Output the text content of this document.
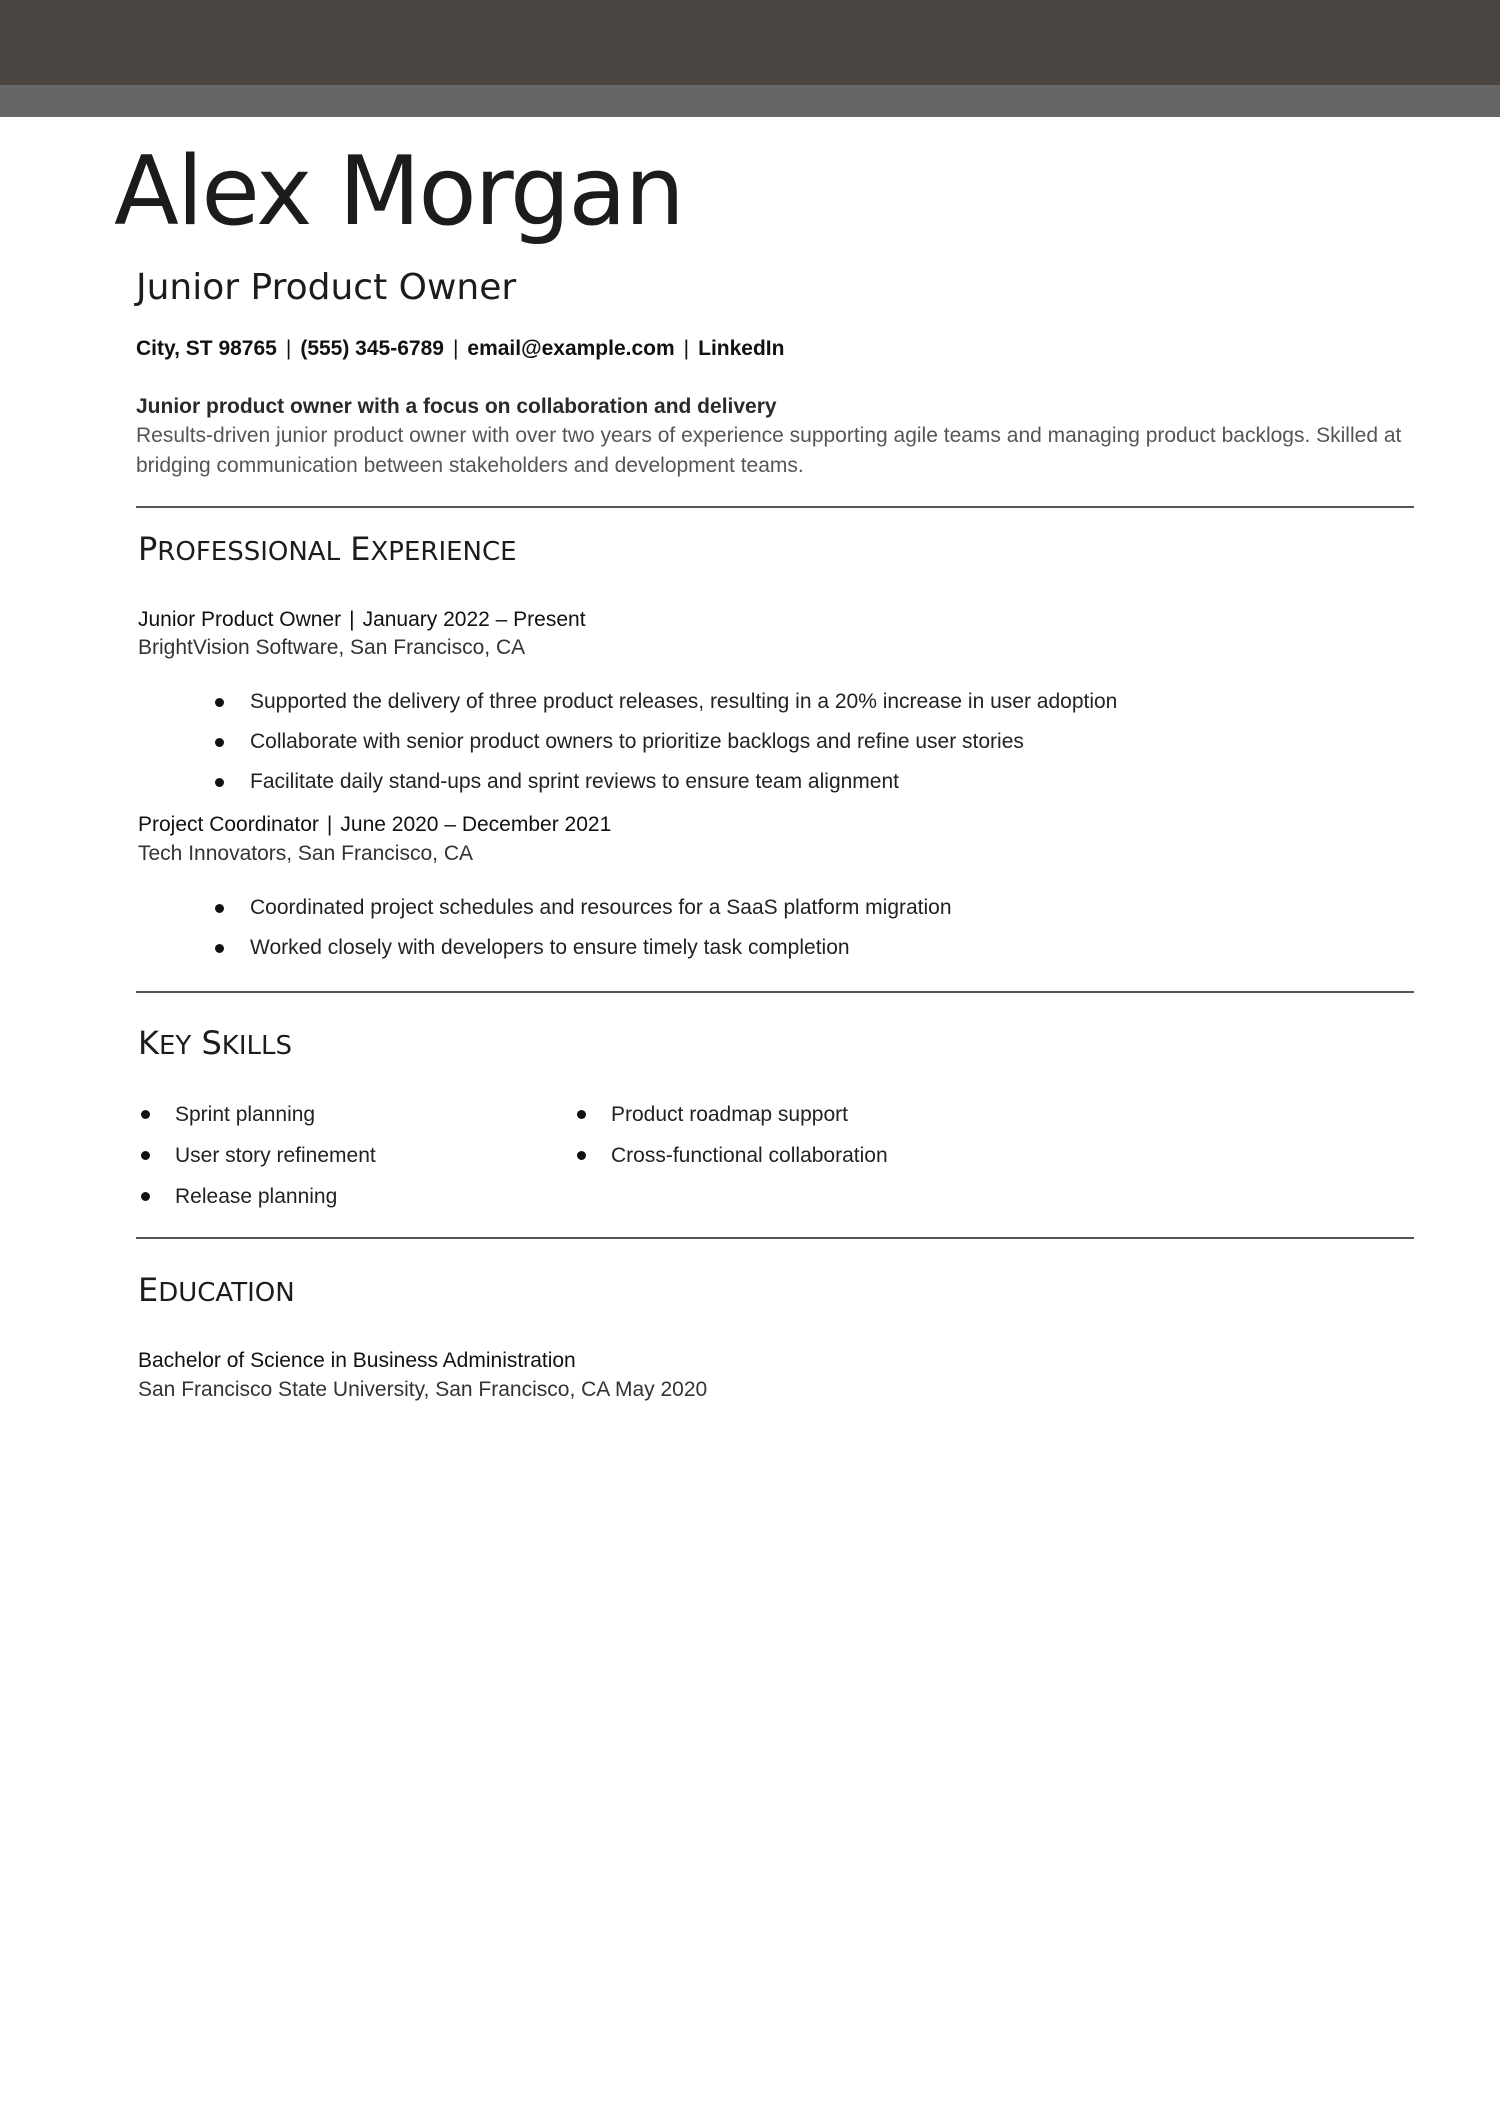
Alex Morgan
Junior Product Owner
City, ST 98765 | (555) 345-6789 | email@example.com | LinkedIn
Junior product owner with a focus on collaboration and delivery
Results-driven junior product owner with over two years of experience supporting agile teams and managing product backlogs. Skilled at bridging communication between stakeholders and development teams.
PROFESSIONAL EXPERIENCE
Junior Product Owner | January 2022 – Present
BrightVision Software, San Francisco, CA
Supported the delivery of three product releases, resulting in a 20% increase in user adoption
Collaborate with senior product owners to prioritize backlogs and refine user stories
Facilitate daily stand-ups and sprint reviews to ensure team alignment
Project Coordinator | June 2020 – December 2021
Tech Innovators, San Francisco, CA
Coordinated project schedules and resources for a SaaS platform migration
Worked closely with developers to ensure timely task completion
KEY SKILLS
Sprint planning
User story refinement
Release planning
Product roadmap support
Cross-functional collaboration
EDUCATION
Bachelor of Science in Business Administration
San Francisco State University, San Francisco, CA May 2020
